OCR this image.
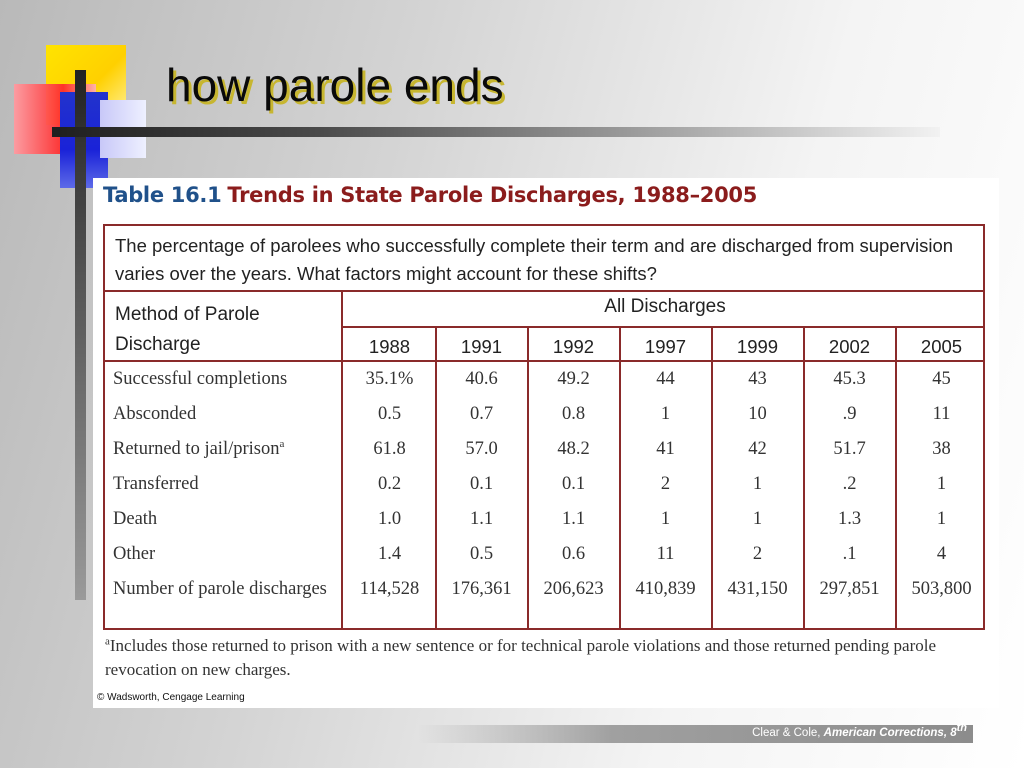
how parole ends
Table 16.1 Trends in State Parole Discharges, 1988–2005

The percentage of parolees who successfully complete their term and are discharged from supervision varies over the years. What factors might account for these shifts?

Method of Parole Discharge

All Discharges
1988	1991	1992	1997	1999	2002	2005
Successful completions	35.1%	40.6	49.2	44	43	45.3	45
Absconded	0.5	0.7	0.8	1	10	.9	11
Returned to jail/prison$^a$	61.8	57.0	48.2	41	42	51.7	38
Transferred	0.2	0.1	0.1	2	1	.2	1
Death	1.0	1.1	1.1	1	1	1.3	1
Other	1.4	0.5	0.6	11	2	.1	4
Number of parole discharges	114,528	176,361	206,623	410,839	431,150	297,851	503,800

$^a$Includes those returned to prison with a new sentence or for technical parole violations and those returned pending parole revocation on new charges.

© Wadsworth, Cengage Learning
Clear & Cole, American Corrections, 8th
